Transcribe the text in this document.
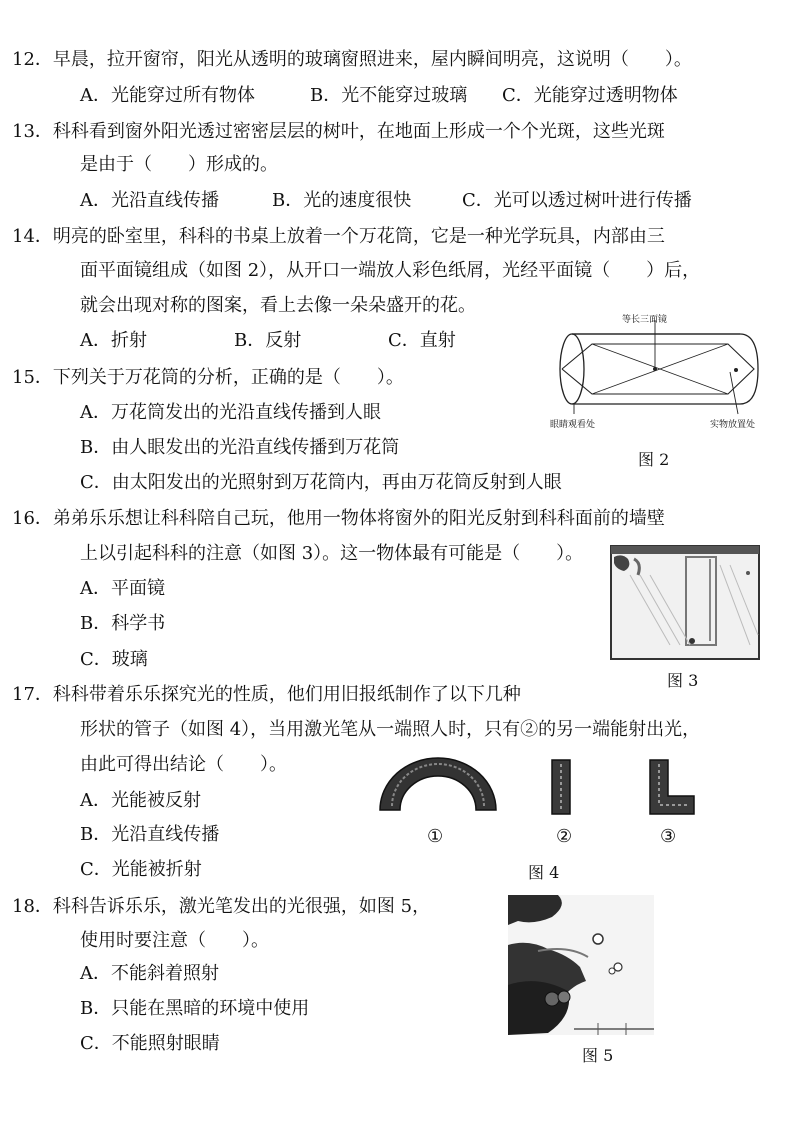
12．早晨，拉开窗帘，阳光从透明的玻璃窗照进来，屋内瞬间明亮，这说明（　　）。
A．光能穿过所有物体	B．光不能穿过玻璃 C．光能穿过透明物体
13．科科看到窗外阳光透过密密层层的树叶，在地面上形成一个个光斑，这些光斑
是由于（　　）形成的。
A．光沿直线传播	B．光的速度很快	C．光可以透过树叶进行传播
14．明亮的卧室里，科科的书桌上放着一个万花筒，它是一种光学玩具，内部由三
面平面镜组成（如图 2），从开口一端放人彩色纸屑，光经平面镜（　　）后，
就会出现对称的图案，看上去像一朵朵盛开的花。
A．折射	B．反射	C．直射
等长三面镜
眼睛观看处	实物放置处
图 2
15．下列关于万花筒的分析，正确的是（　　）。
A．万花筒发出的光沿直线传播到人眼
B．由人眼发出的光沿直线传播到万花筒
C．由太阳发出的光照射到万花筒内，再由万花筒反射到人眼
16．弟弟乐乐想让科科陪自己玩，他用一物体将窗外的阳光反射到科科面前的墙壁
上以引起科科的注意（如图 3）。这一物体最有可能是（　　）。
A．平面镜
B．科学书
C．玻璃
图 3
17．科科带着乐乐探究光的性质，他们用旧报纸制作了以下几种
形状的管子（如图 4），当用激光笔从一端照人时，只有②的另一端能射出光，
由此可得出结论（　　）。
A．光能被反射
B．光沿直线传播
C．光能被折射
①	②	③
图 4
18．科科告诉乐乐，激光笔发出的光很强，如图 5，
使用时要注意（　　）。
A．不能斜着照射
B．只能在黑暗的环境中使用
C．不能照射眼睛
图 5
